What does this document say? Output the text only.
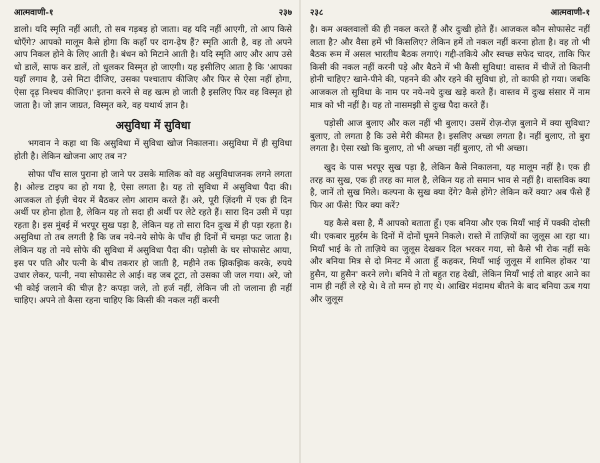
आत्मवाणी-१	२३७

डालो। यदि स्मृति नहीं आती, तो सब गड़बड़ हो जाता। वह यदि नहीं आएगी, तो आप किसे धोएँगे? आपको मालूम कैसे होगा कि कहाँ पर दाग-ढ़ेष हैं? स्मृति आती है, वह तो अपने आप निकल होने के लिए आती है। बंधन को मिटाने आती है। यदि स्मृति आए और आप उसे धो डालें, साफ कर डालें, तो धुलकर विस्मृत हो जाएगी। यह इसीलिए आता है कि 'आपका यहाँ लगाव है, उसे मिटा दीजिए, उसका पश्चाताप कीजिए और फिर से ऐसा नहीं होगा, ऐसा दृढ़ निश्चय कीजिए।' इतना करने से वह खत्म हो जाती है इसलिए फिर वह विस्मृत हो जाता है। जो ज्ञान जाग्रत, विस्मृत करे, वह यथार्थ ज्ञान है।

असुविधा में सुविधा

भगवान ने कहा था कि असुविधा में सुविधा खोज निकालना। असुविधा में ही सुविधा होती है। लेकिन खोजना आए तब न?

सोफा पाँच साल पुराना हो जाने पर उसके मालिक को वह असुविधाजनक लगने लगता है। ओल्ड टाइप का हो गया है, ऐसा लगता है। यह तो सुविधा में असुविधा पैदा की। आजकल तो ईज़ी चेयर में बैठकर लोग आराम करते हैं। अरे, पूरी ज़िंदगी में एक ही दिन अर्थी पर होना होता है, लेकिन यह तो सदा ही अर्थी पर लेटे रहते हैं। सारा दिन उसी में पड़ा रहता है। इस मुंबई में भरपूर सुख पड़ा है, लेकिन यह तो सारा दिन दुःख में ही पड़ा रहता है। असुविधा तो तब लगती है कि जब नये-नये सोफे के पाँच ही दिनों में चमड़ा फट जाता है। लेकिन यह तो नये सोफे की सुविधा में असुविधा पैदा की। पड़ोसी के घर सोफासेट आया, इस पर पति और पत्नी के बीच तकरार हो जाती है, महीने तक झिकझिक करके, रुपये उधार लेकर, पत्नी, नया सोफासेट ले आई। वह जब टूटा, तो उसका जी जल गया। अरे, जो भी कोई जलाने की चीज़ है? कपड़ा जले, तो हर्ज नहीं, लेकिन जी तो जलाना ही नहीं चाहिए। अपने तो कैसा रहना चाहिए कि किसी की नकल नहीं करनी

२३८	आत्मवाणी-१

है। कम अक्लवालों की ही नकल करते हैं और दुःखी होते हैं। आजकल कौन सोफासेट नहीं लाता है? और वैसा हमें भी किसलिए? लेकिन हमें तो नकल नहीं करना होता है। वह तो भी बैठक रूम में असल भारतीय बैठक लगाएं। गद्दी-तकिये और स्वच्छ सफेद चादर, ताकि फिर किसी की नकल नहीं करनी पड़े और बैठने में भी कैसी सुविधा! वास्तव में चीजें तो कितनी होनी चाहिए? खाने-पीने की, पहनने की और रहने की सुविधा हो, तो काफी हो गया। जबकि आजकल तो सुविधा के नाम पर नये-नये दुःख खड़े करते हैं। वास्तव में दुःख संसार में नाम मात्र को भी नहीं है। यह तो नासमझी से दुःख पैदा करते हैं।

पड़ोसी आज बुलाए और कल नहीं भी बुलाए। उसमें रोज़-रोज़ बुलाने में क्या सुविधा? बुलाए, तो लगता है कि उसे मेरी कीमत है। इसलिए अच्छा लगता है। नहीं बुलाए, तो बुरा लगता है। ऐसा रखो कि बुलाए, तो भी अच्छा नहीं बुलाए, तो भी अच्छा।

खुद के पास भरपूर सुख पड़ा है, लेकिन कैसे निकालना, यह मालूम नहीं है। एक ही तरह का सुख, एक ही तरह का माल है, लेकिन यह तो समान भाव से नहीं है। वास्तविक क्या है, जानें तो सुख मिले। कल्पना के सुख क्या देंगे? कैसे होंगे? लेकिन करें क्या? अब फँसे हैं फिर आ फँसे! फिर क्या करें?

यह कैसे बसा है, मैं आपको बताता हूँ। एक बनिया और एक मियाँ भाई में पक्की दोस्ती थी। एकबार मुहर्रम के दिनों में दोनों घूमने निकले। रास्ते में ताज़ियों का जुलूस आ रहा था। मियाँ भाई के तो ताज़िये का जुलूस देखकर दिल भरकर गया, सो कैसे भी रोक नहीं सके और बनिया मित्र से दो मिनट में आता हूँ कहकर, मियाँ भाई जुलूस में शामिल होकर 'या हुसैन, या हुसैन' करने लगे। बनिये ने तो बहुत राह देखी, लेकिन मियाँ भाई तो बाहर आने का नाम ही नहीं ले रहे थे। वे तो मग्न हो गए थे। आखिर मंदामध बीतने के बाद बनिया ऊब गया और जुलूस
